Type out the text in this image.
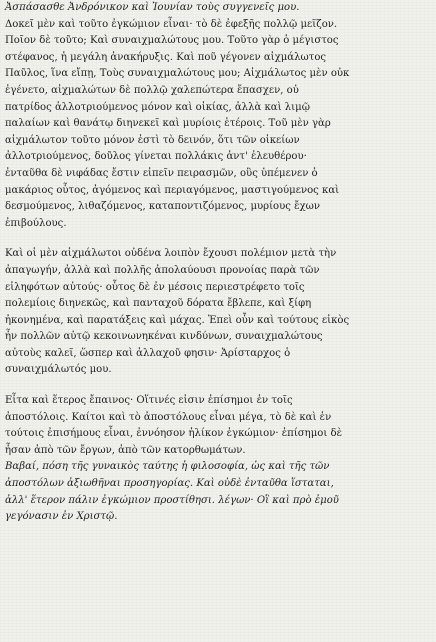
Ἀσπάσασθε Ἀνδρόνικον καὶ Ἰουνίαν τοὺς συγγενεῖς μου.
Δοκεῖ μὲν καὶ τοῦτο ἐγκώμιον εἶναι· τὸ δὲ ἐφεξῆς πολλῷ μεῖζον.
Ποῖον δὲ τοῦτο; Καὶ συναιχμαλώτους μου. Τοῦτο γὰρ ὁ μέγιστος
στέφανος, ἡ μεγάλη ἀνακήρυξις. Καὶ ποῦ γέγονεν αἰχμάλωτος
Παῦλος, ἵνα εἴπῃ, Τοὺς συναιχμαλώτους μου; Αἰχμάλωτος μὲν οὐκ
ἐγένετο, αἰχμαλώτων δὲ πολλῷ χαλεπώτερα ἔπασχεν, οὐ
πατρίδος ἀλλοτριούμενος μόνον καὶ οἰκίας, ἀλλὰ καὶ λιμῷ
παλαίων καὶ θανάτῳ διηνεκεῖ καὶ μυρίοις ἑτέροις. Τοῦ μὲν γὰρ
αἰχμάλωτον τοῦτο μόνον ἐστὶ τὸ δεινόν, ὅτι τῶν οἰκείων
ἀλλοτριούμενος, δοῦλος γίνεται πολλάκις ἀντ' ἐλευθέρου·
ἐνταῦθα δὲ νιφάδας ἔστιν εἰπεῖν πειρασμῶν, οὓς ὑπέμενεν ὁ
μακάριος οὗτος, ἀγόμενος καὶ περιαγόμενος, μαστιγούμενος καὶ
δεσμούμενος, λιθαζόμενος, καταποντιζόμενος, μυρίους ἔχων
ἐπιβούλους.
Καὶ οἱ μὲν αἰχμάλωτοι οὐδένα λοιπὸν ἔχουσι πολέμιον μετὰ τὴν
ἀπαγωγήν, ἀλλὰ καὶ πολλῆς ἀπολαύουσι προνοίας παρὰ τῶν
εἰληφότων αὐτούς· οὗτος δὲ ἐν μέσοις περιεστρέφετο τοῖς
πολεμίοις διηνεκῶς, καὶ πανταχοῦ δόρατα ἔβλεπε, καὶ ξίφη
ἠκονημένα, καὶ παρατάξεις καὶ μάχας. Ἐπεὶ οὖν καὶ τούτους εἰκὸς
ἦν πολλῶν αὐτῷ κεκοινωνηκέναι κινδύνων, συναιχμαλώτους
αὐτοὺς καλεῖ, ὥσπερ καὶ ἀλλαχοῦ φησιν· Ἀρίσταρχος ὁ
συναιχμάλωτός μου.
Εἶτα καὶ ἕτερος ἔπαινος· Οἵτινές εἰσιν ἐπίσημοι ἐν τοῖς
ἀποστόλοις. Καίτοι καὶ τὸ ἀποστόλους εἶναι μέγα, τὸ δὲ καὶ ἐν
τούτοις ἐπισήμους εἶναι, ἐννόησον ἡλίκον ἐγκώμιον· ἐπίσημοι δὲ
ἦσαν ἀπὸ τῶν ἔργων, ἀπὸ τῶν κατορθωμάτων.
Βαβαί, πόση τῆς γυναικὸς ταύτης ἡ φιλοσοφία, ὡς καὶ τῆς τῶν
ἀποστόλων ἀξιωθῆναι προσηγορίας. Καὶ οὐδὲ ἐνταῦθα ἵσταται,
ἀλλ' ἕτερον πάλιν ἐγκώμιον προστίθησι. λέγων· Οἳ καὶ πρὸ ἐμοῦ
γεγόνασιν ἐν Χριστῷ.
